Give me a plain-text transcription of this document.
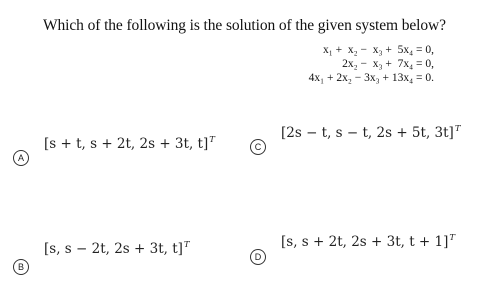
Which of the following is the solution of the given system below?
x₁ +  x₂ −  x₃ +  5x₄ = 0,
2x₂ −  x₃ +  7x₄ = 0,
4x₁ + 2x₂ − 3x₃ + 13x₄ = 0.
A
[s + t, s + 2t, 2s + 3t, t]$^T$
B
[s, s − 2t, 2s + 3t, t]$^T$
C
[2s − t, s − t, 2s + 5t, 3t]$^T$
D
[s, s + 2t, 2s + 3t, t + 1]$^T$
